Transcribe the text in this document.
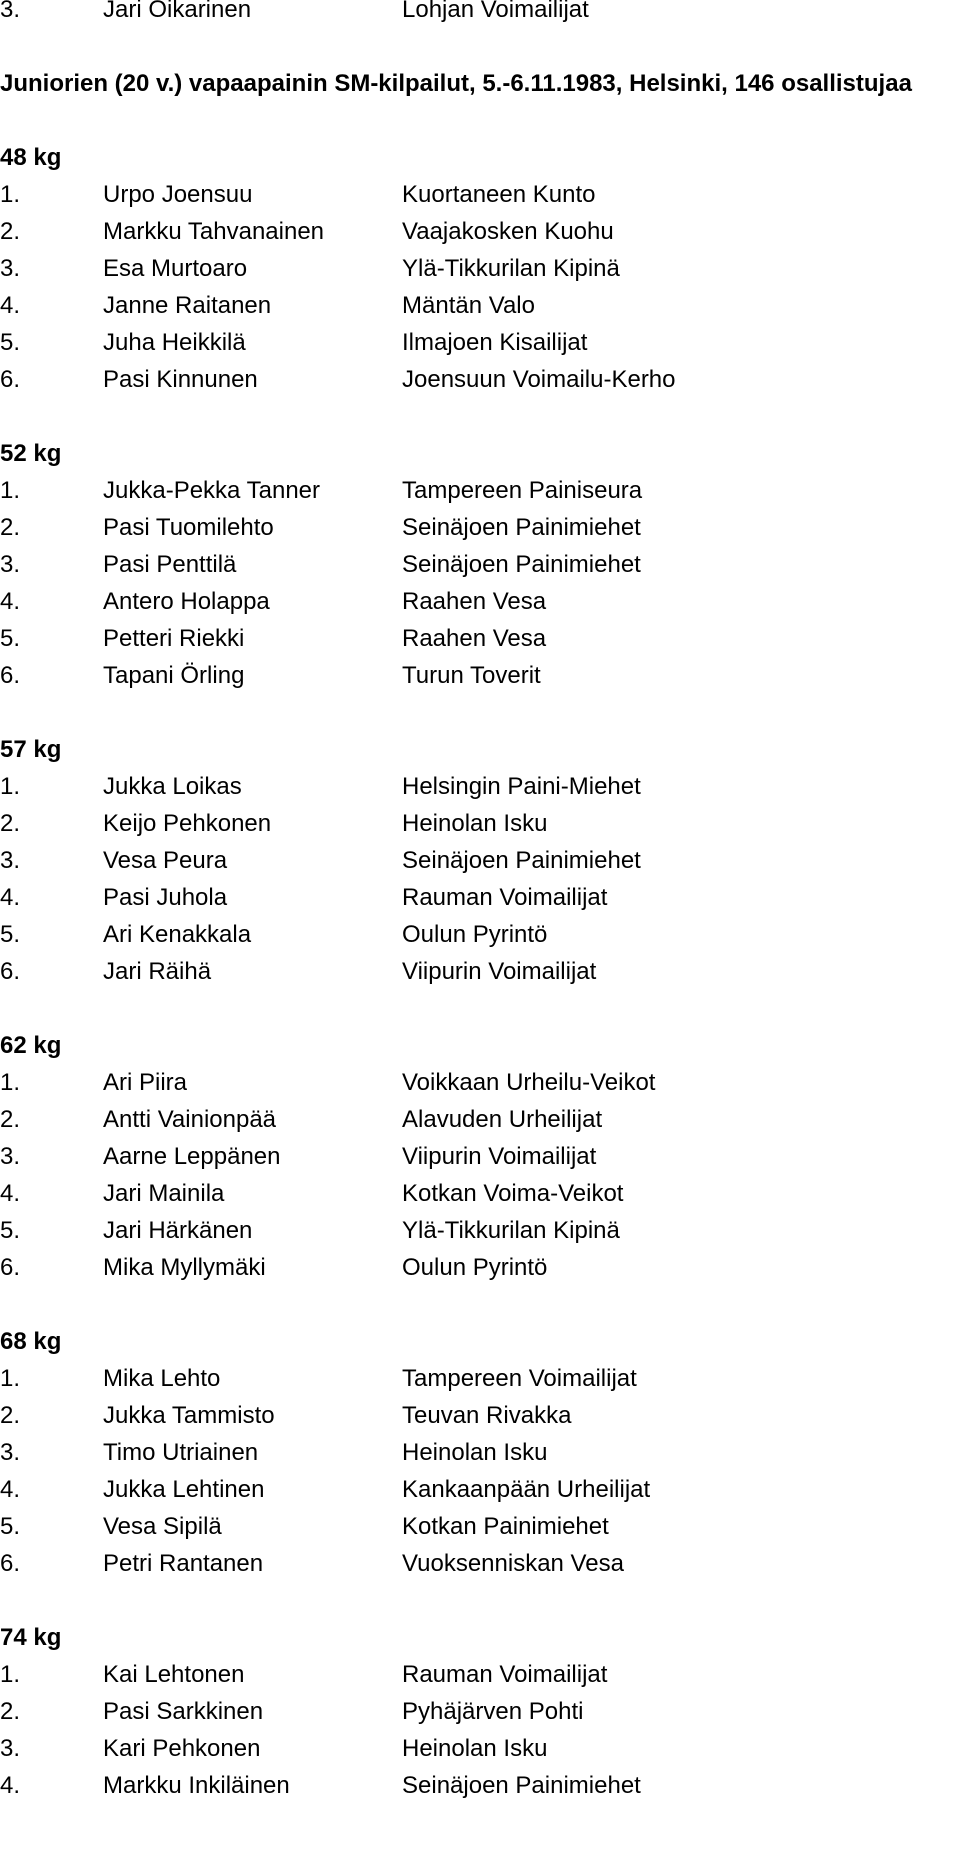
3.	Jari Oikarinen	Lohjan Voimailijat
Juniorien (20 v.) vapaapainin SM-kilpailut, 5.-6.11.1983, Helsinki, 146 osallistujaa
48 kg
1.	Urpo Joensuu	Kuortaneen Kunto
2.	Markku Tahvanainen	Vaajakosken Kuohu
3.	Esa Murtoaro	Ylä-Tikkurilan Kipinä
4.	Janne Raitanen	Mäntän Valo
5.	Juha Heikkilä	Ilmajoen Kisailijat
6.	Pasi Kinnunen	Joensuun Voimailu-Kerho
52 kg
1.	Jukka-Pekka Tanner	Tampereen Painiseura
2.	Pasi Tuomilehto	Seinäjoen Painimiehet
3.	Pasi Penttilä	Seinäjoen Painimiehet
4.	Antero Holappa	Raahen Vesa
5.	Petteri Riekki	Raahen Vesa
6.	Tapani Örling	Turun Toverit
57 kg
1.	Jukka Loikas	Helsingin Paini-Miehet
2.	Keijo Pehkonen	Heinolan Isku
3.	Vesa Peura	Seinäjoen Painimiehet
4.	Pasi Juhola	Rauman Voimailijat
5.	Ari Kenakkala	Oulun Pyrintö
6.	Jari Räihä	Viipurin Voimailijat
62 kg
1.	Ari Piira	Voikkaan Urheilu-Veikot
2.	Antti Vainionpää	Alavuden Urheilijat
3.	Aarne Leppänen	Viipurin Voimailijat
4.	Jari Mainila	Kotkan Voima-Veikot
5.	Jari Härkänen	Ylä-Tikkurilan Kipinä
6.	Mika Myllymäki	Oulun Pyrintö
68 kg
1.	Mika Lehto	Tampereen Voimailijat
2.	Jukka Tammisto	Teuvan Rivakka
3.	Timo Utriainen	Heinolan Isku
4.	Jukka Lehtinen	Kankaanpään Urheilijat
5.	Vesa Sipilä	Kotkan Painimiehet
6.	Petri Rantanen	Vuoksenniskan Vesa
74 kg
1.	Kai Lehtonen	Rauman Voimailijat
2.	Pasi Sarkkinen	Pyhäjärven Pohti
3.	Kari Pehkonen	Heinolan Isku
4.	Markku Inkiläinen	Seinäjoen Painimiehet
